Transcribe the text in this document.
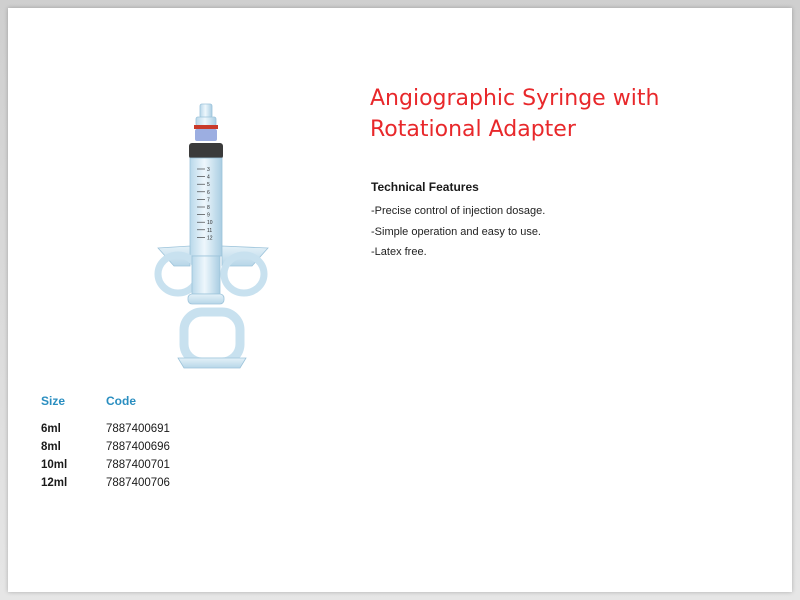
3
4
5
6
7
8
9
10
11
12
Angiographic Syringe with
Rotational Adapter
Technical Features
-Precise control of injection dosage.
-Simple operation and easy to use.
-Latex free.
Size	Code
6ml	7887400691
8ml	7887400696
10ml	7887400701
12ml	7887400706
